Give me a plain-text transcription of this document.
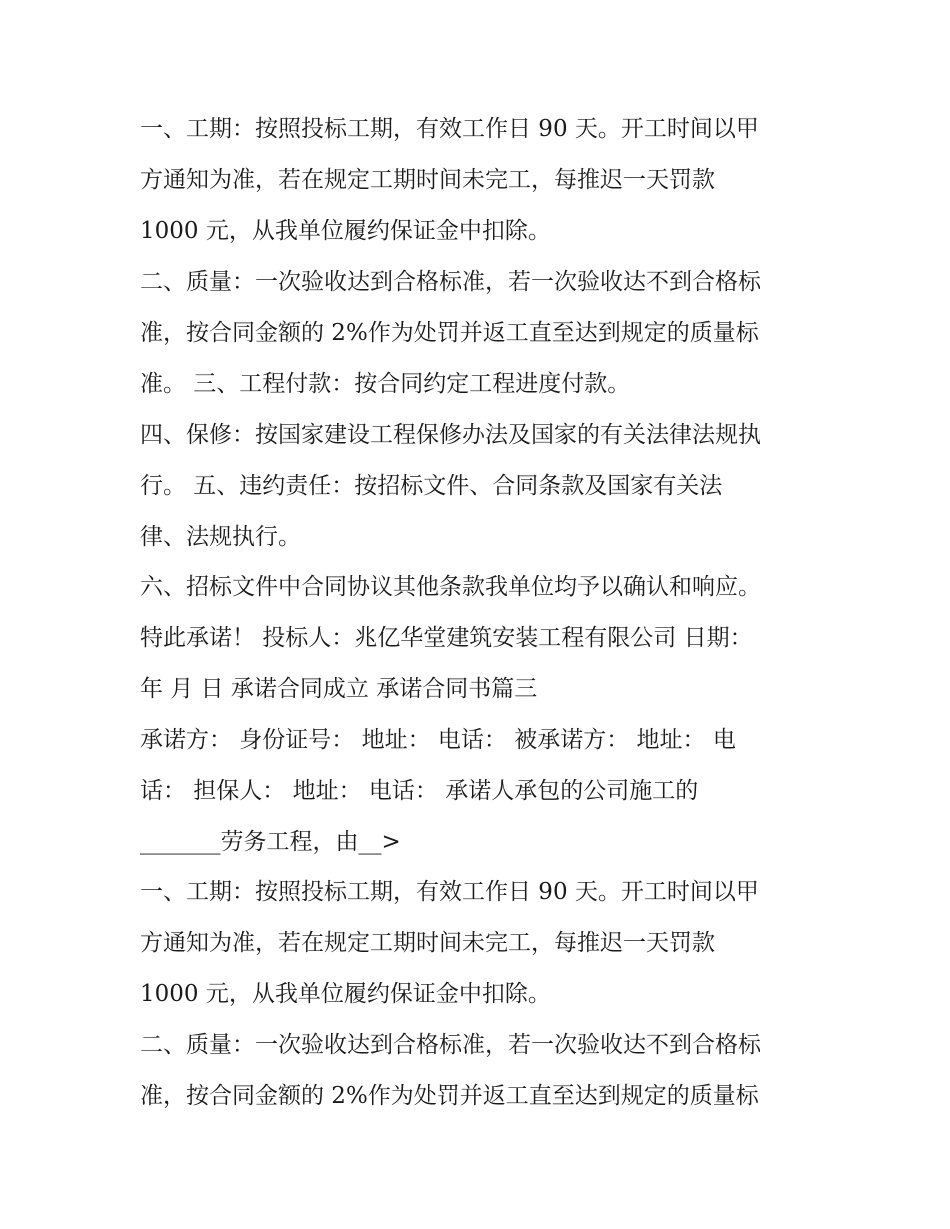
一、工期：按照投标工期，有效工作日 90 天。开工时间以甲
方通知为准，若在规定工期时间未完工，每推迟一天罚款
1000 元，从我单位履约保证金中扣除。
二、质量：一次验收达到合格标准，若一次验收达不到合格标
准，按合同金额的 2%作为处罚并返工直至达到规定的质量标
准。 三、工程付款：按合同约定工程进度付款。
四、保修：按国家建设工程保修办法及国家的有关法律法规执
行。 五、违约责任：按招标文件、合同条款及国家有关法
律、法规执行。
六、招标文件中合同协议其他条款我单位均予以确认和响应。
特此承诺！ 投标人：兆亿华堂建筑安装工程有限公司 日期：
年 月 日 承诺合同成立 承诺合同书篇三
承诺方： 身份证号： 地址： 电话： 被承诺方： 地址： 电
话： 担保人： 地址： 电话： 承诺人承包的公司施工的
_______劳务工程，由__>
一、工期：按照投标工期，有效工作日 90 天。开工时间以甲
方通知为准，若在规定工期时间未完工，每推迟一天罚款
1000 元，从我单位履约保证金中扣除。
二、质量：一次验收达到合格标准，若一次验收达不到合格标
准，按合同金额的 2%作为处罚并返工直至达到规定的质量标
